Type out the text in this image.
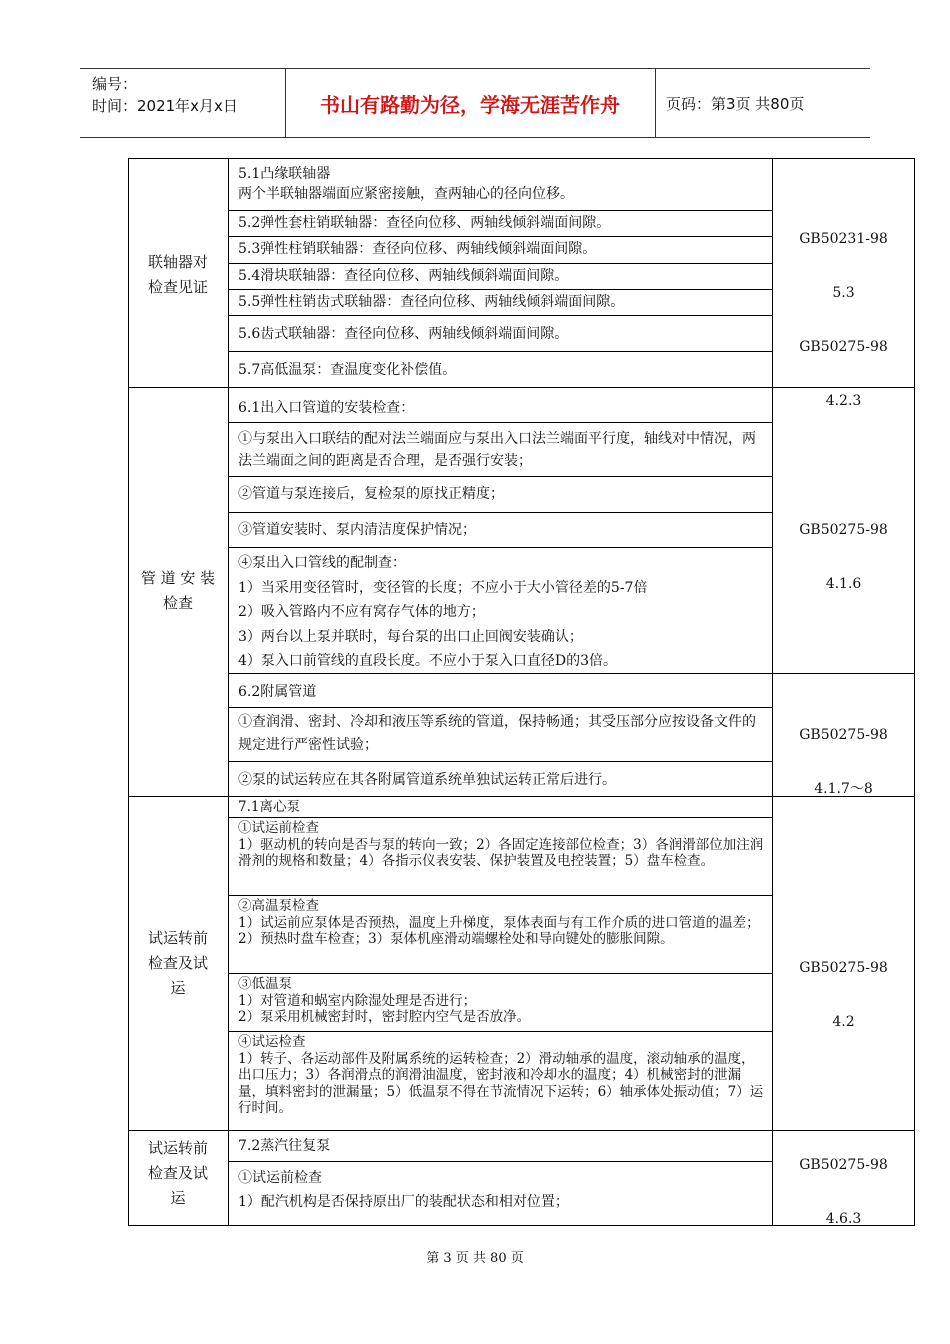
编号：
时间：2021年x月x日	书山有路勤为径，学海无涯苦作舟	页码：第3页 共80页
联轴器对
检查见证
5.1凸缘联轴器
两个半联轴器端面应紧密接触，查两轴心的径向位移。
5.2弹性套柱销联轴器：查径向位移、两轴线倾斜端面间隙。
5.3弹性柱销联轴器：查径向位移、两轴线倾斜端面间隙。
5.4滑块联轴器：查径向位移、两轴线倾斜端面间隙。
5.5弹性柱销齿式联轴器：查径向位移、两轴线倾斜端面间隙。
5.6齿式联轴器：查径向位移、两轴线倾斜端面间隙。
5.7高低温泵：查温度变化补偿值。

GB50231-98

5.3

GB50275-98

4.2.3

管 道 安 装
检查
6.1出入口管道的安装检查：
①与泵出入口联结的配对法兰端面应与泵出入口法兰端面平行度，轴线对中情况，两法兰端面之间的距离是否合理，是否强行安装；
②管道与泵连接后，复检泵的原找正精度；
③管道安装时、泵内清洁度保护情况；
④泵出入口管线的配制查：
1）当采用变径管时，变径管的长度；不应小于大小管径差的5-7倍
2）吸入管路内不应有窝存气体的地方；
3）两台以上泵并联时，每台泵的出口止回阀安装确认；
4）泵入口前管线的直段长度。不应小于泵入口直径D的3倍。

GB50275-98

4.1.6

6.2附属管道
①查润滑、密封、冷却和液压等系统的管道，保持畅通；其受压部分应按设备文件的规定进行严密性试验；
②泵的试运转应在其各附属管道系统单独试运转正常后进行。

GB50275-98

4.1.7～8

试运转前
检查及试
运
7.1离心泵
①试运前检查
1）驱动机的转向是否与泵的转向一致；2）各固定连接部位检查；3）各润滑部位加注润滑剂的规格和数量；4）各指示仪表安装、保护装置及电控装置；5）盘车检查。
②高温泵检查
1）试运前应泵体是否预热，温度上升梯度，泵体表面与有工作介质的进口管道的温差；2）预热时盘车检查；3）泵体机座滑动端螺栓处和导向键处的膨胀间隙。
③低温泵
1）对管道和蜗室内除湿处理是否进行；
2）泵采用机械密封时，密封腔内空气是否放净。
④试运检查
1）转子、各运动部件及附属系统的运转检查；2）滑动轴承的温度，滚动轴承的温度，出口压力；3）各润滑点的润滑油温度，密封液和冷却水的温度；4）机械密封的泄漏量，填料密封的泄漏量；5）低温泵不得在节流情况下运转；6）轴承体处振动值；7）运行时间。

GB50275-98

4.2

试运转前
检查及试
运
7.2蒸汽往复泵
①试运前检查
1）配汽机构是否保持原出厂的装配状态和相对位置；

GB50275-98

4.6.3

第 3 页 共 80 页
